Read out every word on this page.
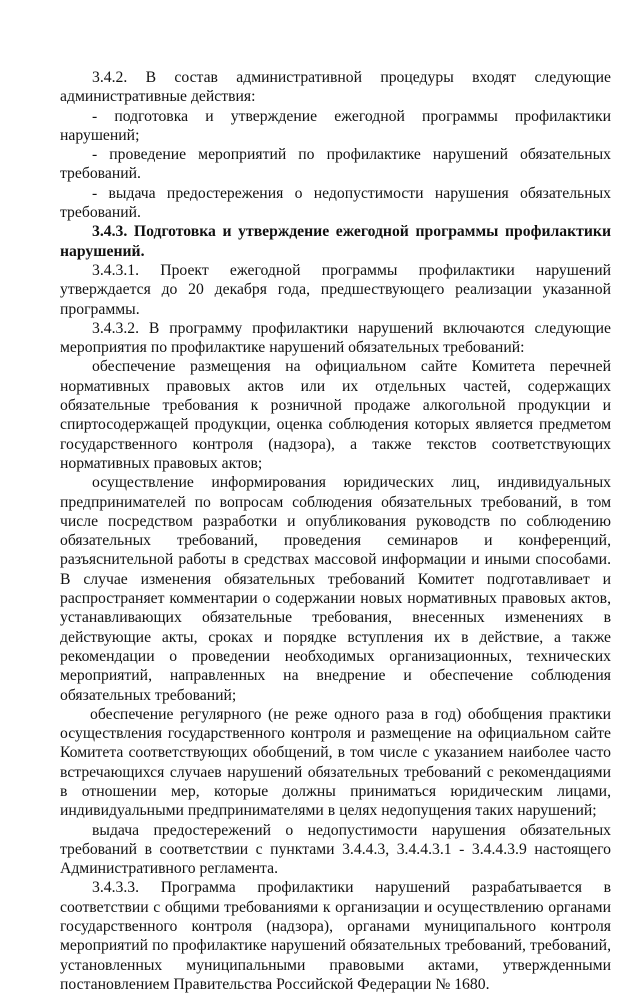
3.4.2. В состав административной процедуры входят следующие административные действия:

- подготовка и утверждение ежегодной программы профилактики нарушений;

- проведение мероприятий по профилактике нарушений обязательных требований.

- выдача предостережения о недопустимости нарушения обязательных требований.

3.4.3. Подготовка и утверждение ежегодной программы профилактики нарушений.

3.4.3.1. Проект ежегодной программы профилактики нарушений утверждается до 20 декабря года, предшествующего реализации указанной программы.

3.4.3.2. В программу профилактики нарушений включаются следующие мероприятия по профилактике нарушений обязательных требований:

обеспечение размещения на официальном сайте Комитета перечней нормативных правовых актов или их отдельных частей, содержащих обязательные требования к розничной продаже алкогольной продукции и спиртосодержащей продукции, оценка соблюдения которых является предметом государственного контроля (надзора), а также текстов соответствующих нормативных правовых актов;

осуществление информирования юридических лиц, индивидуальных предпринимателей по вопросам соблюдения обязательных требований, в том числе посредством разработки и опубликования руководств по соблюдению обязательных требований, проведения семинаров и конференций, разъяснительной работы в средствах массовой информации и иными способами. В случае изменения обязательных требований Комитет подготавливает и распространяет комментарии о содержании новых нормативных правовых актов, устанавливающих обязательные требования, внесенных изменениях в действующие акты, сроках и порядке вступления их в действие, а также рекомендации о проведении необходимых организационных, технических мероприятий, направленных на внедрение и обеспечение соблюдения обязательных требований;

обеспечение регулярного (не реже одного раза в год) обобщения практики осуществления государственного контроля и размещение на официальном сайте Комитета соответствующих обобщений, в том числе с указанием наиболее часто встречающихся случаев нарушений обязательных требований с рекомендациями в отношении мер, которые должны приниматься юридическим лицами, индивидуальными предпринимателями в целях недопущения таких нарушений;

выдача предостережений о недопустимости нарушения обязательных требований в соответствии с пунктами 3.4.4.3, 3.4.4.3.1 - 3.4.4.3.9 настоящего Административного регламента.

3.4.3.3. Программа профилактики нарушений разрабатывается в соответствии с общими требованиями к организации и осуществлению органами государственного контроля (надзора), органами муниципального контроля мероприятий по профилактике нарушений обязательных требований, требований, установленных муниципальными правовыми актами, утвержденными постановлением Правительства Российской Федерации № 1680.
